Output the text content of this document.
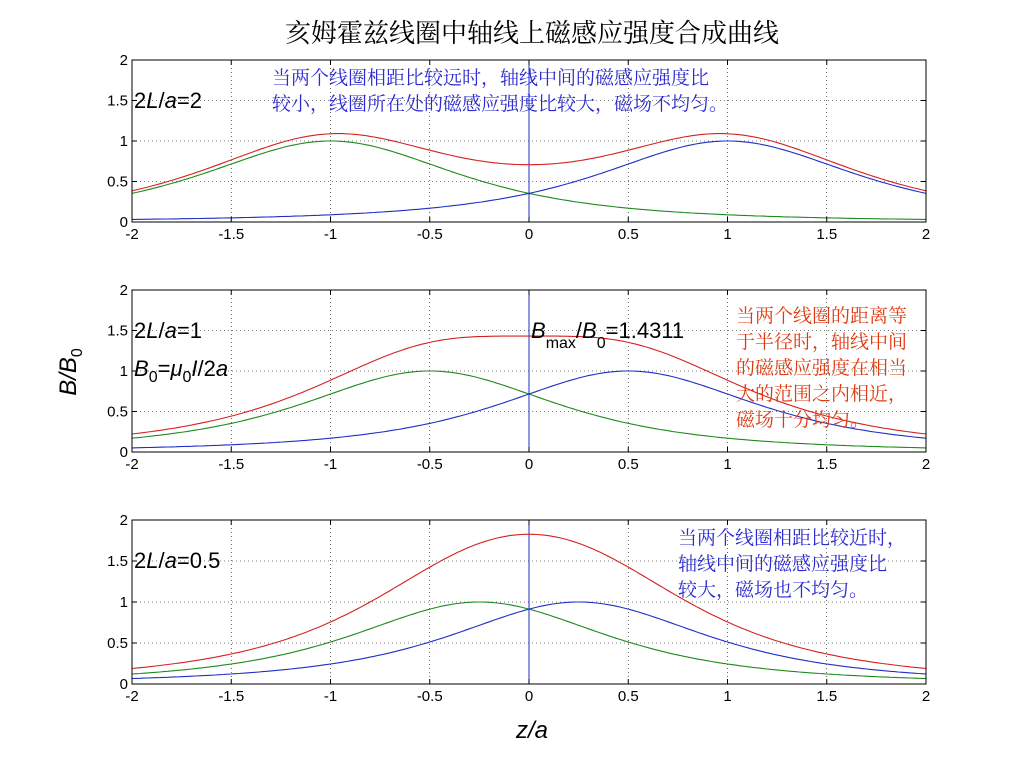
亥姆霍兹线圈中轴线上磁感应强度合成曲线
-2	-1.5	-1	-0.5	0	0.5	1	1.5	2
0
0.5
1
1.5
2
2L/a=2
当两个线圈相距比较远时，轴线中间的磁感应强度比
较小，线圈所在处的磁感应强度比较大，磁场不均匀。
-2	-1.5	-1	-0.5	0	0.5	1	1.5	2
0
0.5
1
1.5
2
2L/a=1
$B_0=\mu_0I/2a$
$B_{max}/B_0=1.4311$
当两个线圈的距离等
于半径时，轴线中间
的磁感应强度在相当
大的范围之内相近，
磁场十分均匀。
-2	-1.5	-1	-0.5	0	0.5	1	1.5	2
0
0.5
1
1.5
2
2L/a=0.5
当两个线圈相距比较近时，
轴线中间的磁感应强度比
较大，磁场也不均匀。
z/a
$B/B_0$
